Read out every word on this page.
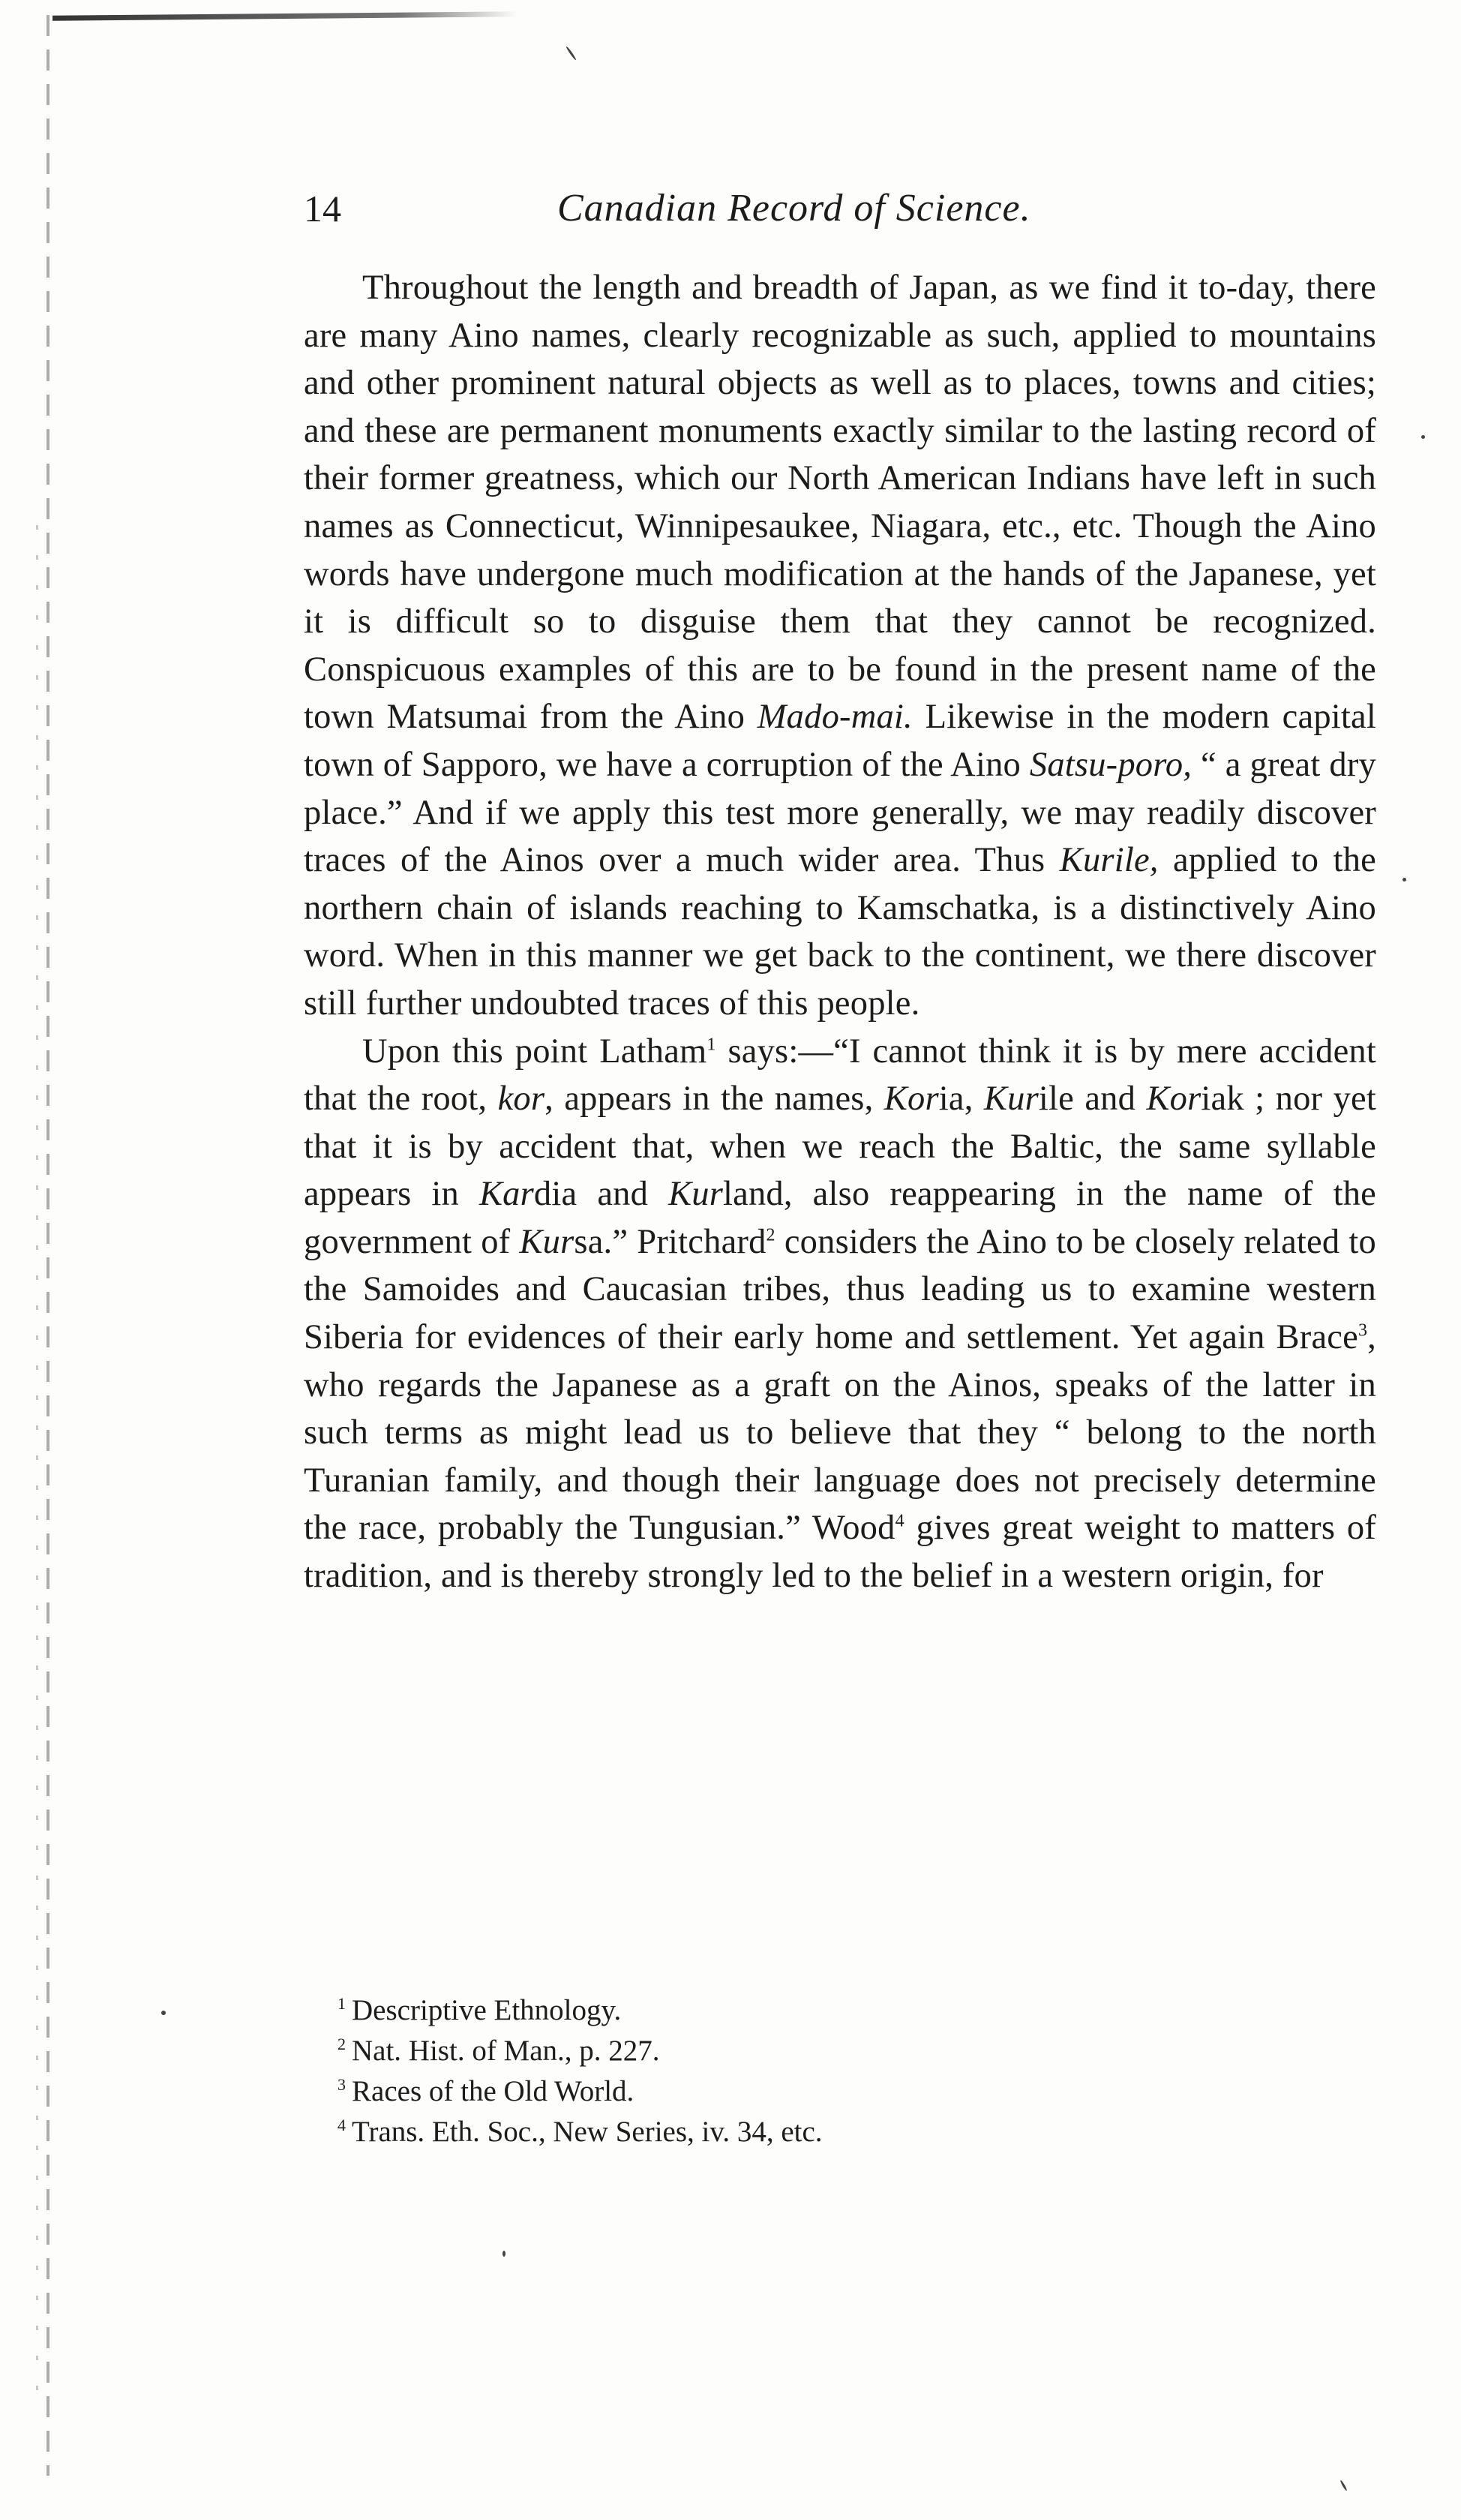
14	Canadian Record of Science.

Throughout the length and breadth of Japan, as we find it to-day, there are many Aino names, clearly recognizable as such, applied to mountains and other prominent natural objects as well as to places, towns and cities; and these are permanent monuments exactly similar to the lasting record of their former greatness, which our North American Indians have left in such names as Connecticut, Winnipesaukee, Niagara, etc., etc. Though the Aino words have undergone much modification at the hands of the Japanese, yet it is difficult so to disguise them that they cannot be recognized. Conspicuous examples of this are to be found in the present name of the town Matsumai from the Aino Mado-mai. Likewise in the modern capital town of Sapporo, we have a corruption of the Aino Satsu-poro, “ a great dry place.” And if we apply this test more generally, we may readily discover traces of the Ainos over a much wider area. Thus Kurile, applied to the northern chain of islands reaching to Kamschatka, is a distinctively Aino word. When in this manner we get back to the continent, we there discover still further undoubted traces of this people.

Upon this point Latham$^1$ says:—“I cannot think it is by mere accident that the root, kor, appears in the names, Koria, Kurile and Koriak ; nor yet that it is by accident that, when we reach the Baltic, the same syllable appears in Kardia and Kurland, also reappearing in the name of the government of Kursa.” Pritchard$^2$ considers the Aino to be closely related to the Samoides and Caucasian tribes, thus leading us to examine western Siberia for evidences of their early home and settlement. Yet again Brace$^3$, who regards the Japanese as a graft on the Ainos, speaks of the latter in such terms as might lead us to believe that they “ belong to the north Turanian family, and though their language does not precisely determine the race, probably the Tungusian.” Wood$^4$ gives great weight to matters of tradition, and is thereby strongly led to the belief in a western origin, for

$^1$ Descriptive Ethnology.
$^2$ Nat. Hist. of Man., p. 227.
$^3$ Races of the Old World.
$^4$ Trans. Eth. Soc., New Series, iv. 34, etc.
